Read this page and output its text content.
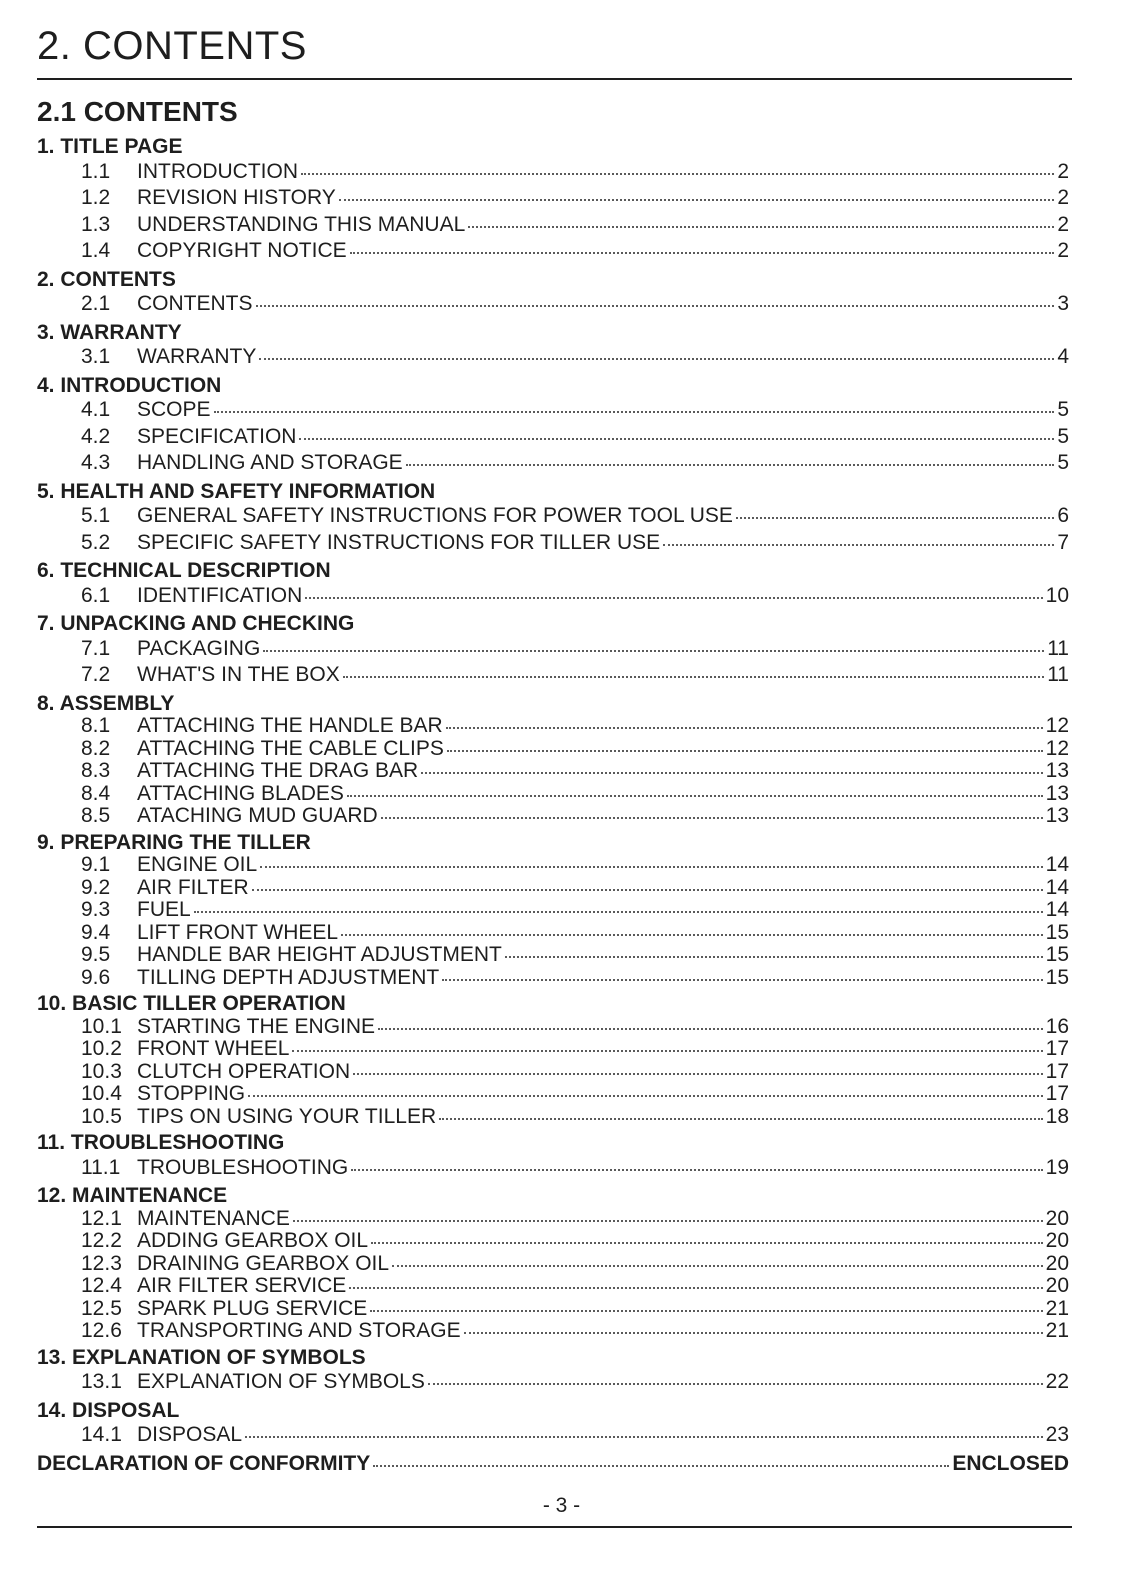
2. CONTENTS
2.1 CONTENTS
1. TITLE PAGE
1.1	INTRODUCTION	2
1.2	REVISION HISTORY	2
1.3	UNDERSTANDING THIS MANUAL	2
1.4	COPYRIGHT NOTICE	2
2. CONTENTS
2.1	CONTENTS	3
3. WARRANTY
3.1	WARRANTY	4
4. INTRODUCTION
4.1	SCOPE	5
4.2	SPECIFICATION	5
4.3	HANDLING AND STORAGE	5
5. HEALTH AND SAFETY INFORMATION
5.1	GENERAL SAFETY INSTRUCTIONS FOR POWER TOOL USE	6
5.2	SPECIFIC SAFETY INSTRUCTIONS FOR TILLER USE	7
6. TECHNICAL DESCRIPTION
6.1	IDENTIFICATION	10
7. UNPACKING AND CHECKING
7.1	PACKAGING	11
7.2	WHAT'S IN THE BOX	11
8. ASSEMBLY
8.1	ATTACHING THE HANDLE BAR	12
8.2	ATTACHING THE CABLE CLIPS	12
8.3	ATTACHING THE DRAG BAR	13
8.4	ATTACHING BLADES	13
8.5	ATACHING MUD GUARD	13
9. PREPARING THE TILLER
9.1	ENGINE OIL	14
9.2	AIR FILTER	14
9.3	FUEL	14
9.4	LIFT FRONT WHEEL	15
9.5	HANDLE BAR HEIGHT ADJUSTMENT	15
9.6	TILLING DEPTH ADJUSTMENT	15
10. BASIC TILLER OPERATION
10.1 STARTING THE ENGINE	16
10.2 FRONT WHEEL	17
10.3 CLUTCH OPERATION	17
10.4 STOPPING	17
10.5 TIPS ON USING YOUR TILLER	18
11. TROUBLESHOOTING
11.1 TROUBLESHOOTING	19
12. MAINTENANCE
12.1 MAINTENANCE	20
12.2 ADDING GEARBOX OIL	20
12.3 DRAINING GEARBOX OIL	20
12.4 AIR FILTER SERVICE	20
12.5 SPARK PLUG SERVICE	21
12.6 TRANSPORTING AND STORAGE	21
13. EXPLANATION OF SYMBOLS
13.1 EXPLANATION OF SYMBOLS	22
14. DISPOSAL
14.1 DISPOSAL	23
DECLARATION OF CONFORMITY	ENCLOSED
- 3 -
